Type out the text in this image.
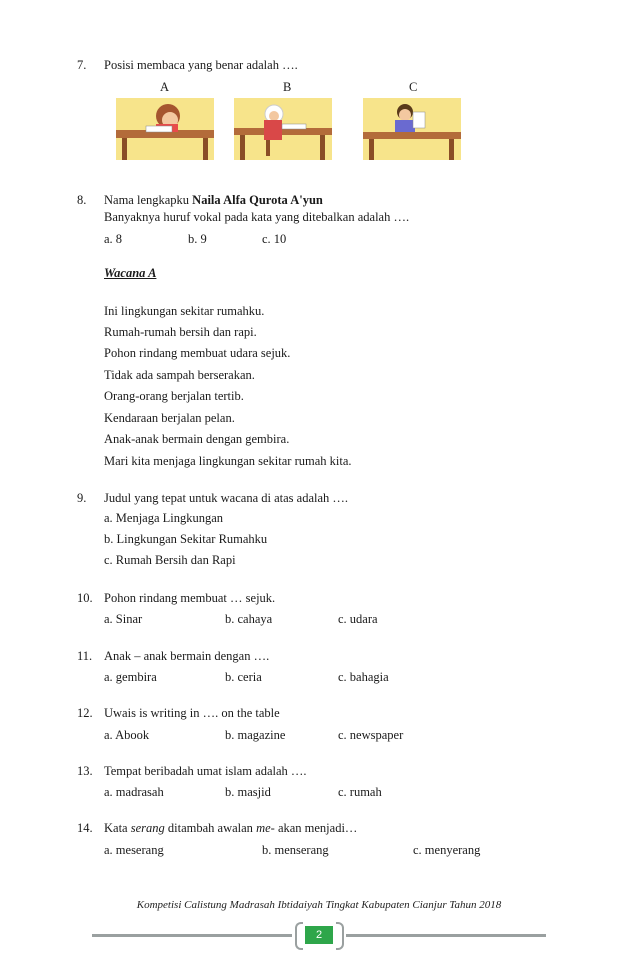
7. Posisi membaca yang benar adalah ….
A	B	C
8. Nama lengkapku Naila Alfa Qurota A'yun
Banyaknya huruf vokal pada kata yang ditebalkan adalah ….
a. 8	b. 9	c. 10
Wacana A
Ini lingkungan sekitar rumahku.
Rumah-rumah bersih dan rapi.
Pohon rindang membuat udara sejuk.
Tidak ada sampah berserakan.
Orang-orang berjalan tertib.
Kendaraan berjalan pelan.
Anak-anak bermain dengan gembira.
Mari kita menjaga lingkungan sekitar rumah kita.
9. Judul yang tepat untuk wacana di atas adalah ….
a. Menjaga Lingkungan
b. Lingkungan Sekitar Rumahku
c. Rumah Bersih dan Rapi
10. Pohon rindang membuat … sejuk.
a. Sinar	b. cahaya	c. udara
11. Anak – anak bermain dengan ….
a. gembira	b. ceria	c. bahagia
12. Uwais is writing in …. on the table
a. Abook	b. magazine	c. newspaper
13. Tempat beribadah umat islam adalah ….
a. madrasah	b. masjid	c. rumah
14. Kata serang ditambah awalan me- akan menjadi…
a. meserang	b. menserang	c. menyerang
Kompetisi Calistung Madrasah Ibtidaiyah Tingkat Kabupaten Cianjur Tahun 2018
2
